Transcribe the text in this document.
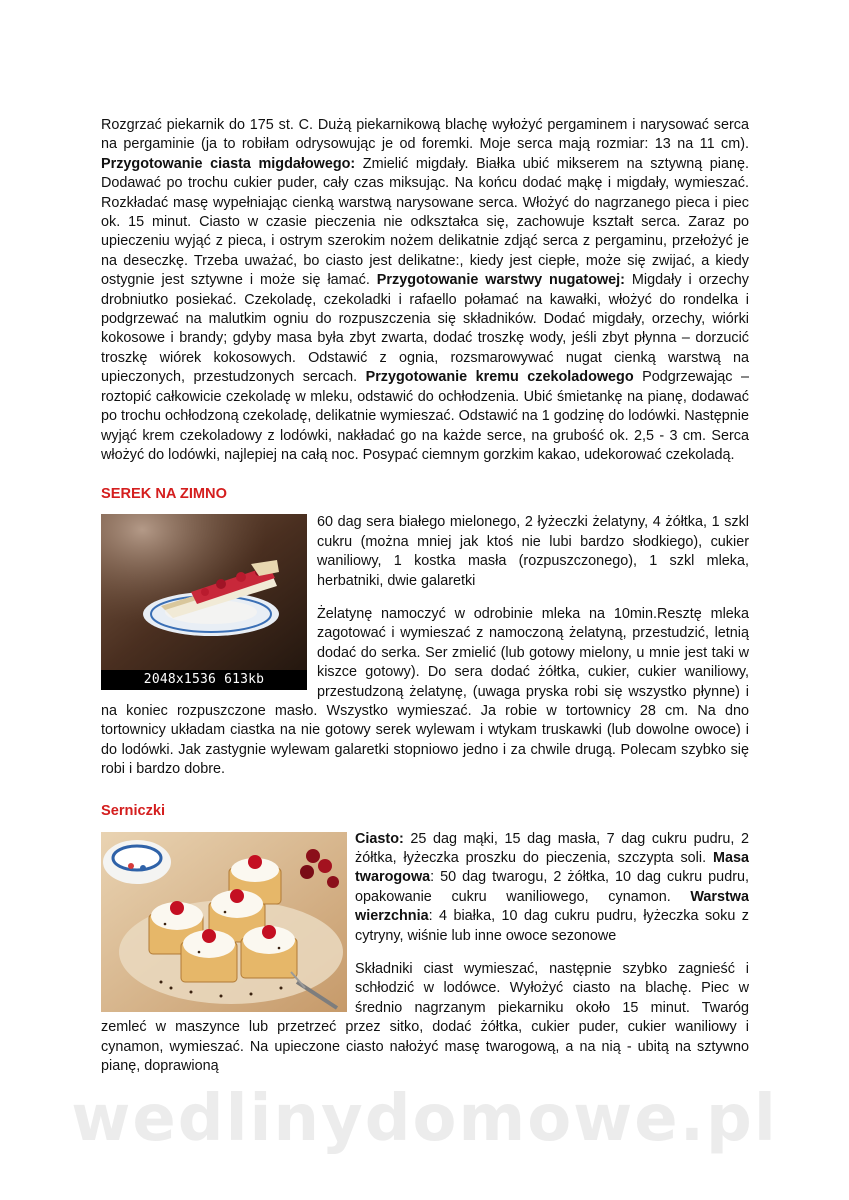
Rozgrzać piekarnik do 175 st. C. Dużą piekarnikową blachę wyłożyć pergaminem i narysować serca na pergaminie (ja to robiłam odrysowując je od foremki. Moje serca mają rozmiar: 13 na 11 cm). Przygotowanie ciasta migdałowego: Zmielić migdały. Białka ubić mikserem na sztywną pianę. Dodawać po trochu cukier puder, cały czas miksując. Na końcu dodać mąkę i migdały, wymieszać. Rozkładać masę wypełniając cienką warstwą narysowane serca. Włożyć do nagrzanego pieca i piec ok. 15 minut. Ciasto w czasie pieczenia nie odkształca się, zachowuje kształt serca. Zaraz po upieczeniu wyjąć z pieca, i ostrym szerokim nożem delikatnie zdjąć serca z pergaminu, przełożyć je na deseczkę. Trzeba uważać, bo ciasto jest delikatne:, kiedy jest ciepłe, może się zwijać, a kiedy ostygnie jest sztywne i może się łamać. Przygotowanie warstwy nugatowej: Migdały i orzechy drobniutko posiekać. Czekoladę, czekoladki i rafaello połamać na kawałki, włożyć do rondelka i podgrzewać na malutkim ogniu do rozpuszczenia się składników. Dodać migdały, orzechy, wiórki kokosowe i brandy; gdyby masa była zbyt zwarta, dodać troszkę wody, jeśli zbyt płynna – dorzucić troszkę wiórek kokosowych. Odstawić z ognia, rozsmarowywać nugat cienką warstwą na upieczonych, przestudzonych sercach. Przygotowanie kremu czekoladowego Podgrzewając – roztopić całkowicie czekoladę w mleku, odstawić do ochłodzenia. Ubić śmietankę na pianę, dodawać po trochu ochłodzoną czekoladę, delikatnie wymieszać. Odstawić na 1 godzinę do lodówki. Następnie wyjąć krem czekoladowy z lodówki, nakładać go na każde serce, na grubość ok. 2,5 - 3 cm. Serca włożyć do lodówki, najlepiej na całą noc. Posypać ciemnym gorzkim kakao, udekorować czekoladą.

SEREK NA ZIMNO
2048x1536 613kb

60 dag sera białego mielonego, 2 łyżeczki żelatyny, 4 żółtka, 1 szkl cukru (można mniej jak ktoś nie lubi bardzo słodkiego), cukier waniliowy, 1 kostka masła (rozpuszczonego), 1 szkl mleka, herbatniki, dwie galaretki

Żelatynę namoczyć w odrobinie mleka na 10min.Resztę mleka zagotować i wymieszać z namoczoną żelatyną, przestudzić, letnią dodać do serka. Ser zmielić (lub gotowy mielony, u mnie jest taki w kiszce gotowy). Do sera dodać żółtka, cukier, cukier waniliowy, przestudzoną żelatynę, (uwaga pryska robi się wszystko płynne) i na koniec rozpuszczone masło. Wszystko wymieszać. Ja robie w tortownicy 28 cm. Na dno tortownicy układam ciastka na nie gotowy serek wylewam i wtykam truskawki (lub dowolne owoce) i do lodówki. Jak zastygnie wylewam galaretki stopniowo jedno i za chwile drugą. Polecam szybko się robi i bardzo dobre.

Serniczki

Ciasto: 25 dag mąki, 15 dag masła, 7 dag cukru pudru, 2 żółtka, łyżeczka proszku do pieczenia, szczypta soli. Masa twarogowa: 50 dag twarogu, 2 żółtka, 10 dag cukru pudru, opakowanie cukru waniliowego, cynamon. Warstwa wierzchnia: 4 białka, 10 dag cukru pudru, łyżeczka soku z cytryny, wiśnie lub inne owoce sezonowe

Składniki ciast wymieszać, następnie szybko zagnieść i schłodzić w lodówce. Wyłożyć ciasto na blachę. Piec w średnio nagrzanym piekarniku około 15 minut. Twaróg zemleć w maszynce lub przetrzeć przez sitko, dodać żółtka, cukier puder, cukier waniliowy i cynamon, wymieszać. Na upieczone ciasto nałożyć masę twarogową, a na nią - ubitą na sztywno pianę, doprawioną

wedlinydomowe.pl
